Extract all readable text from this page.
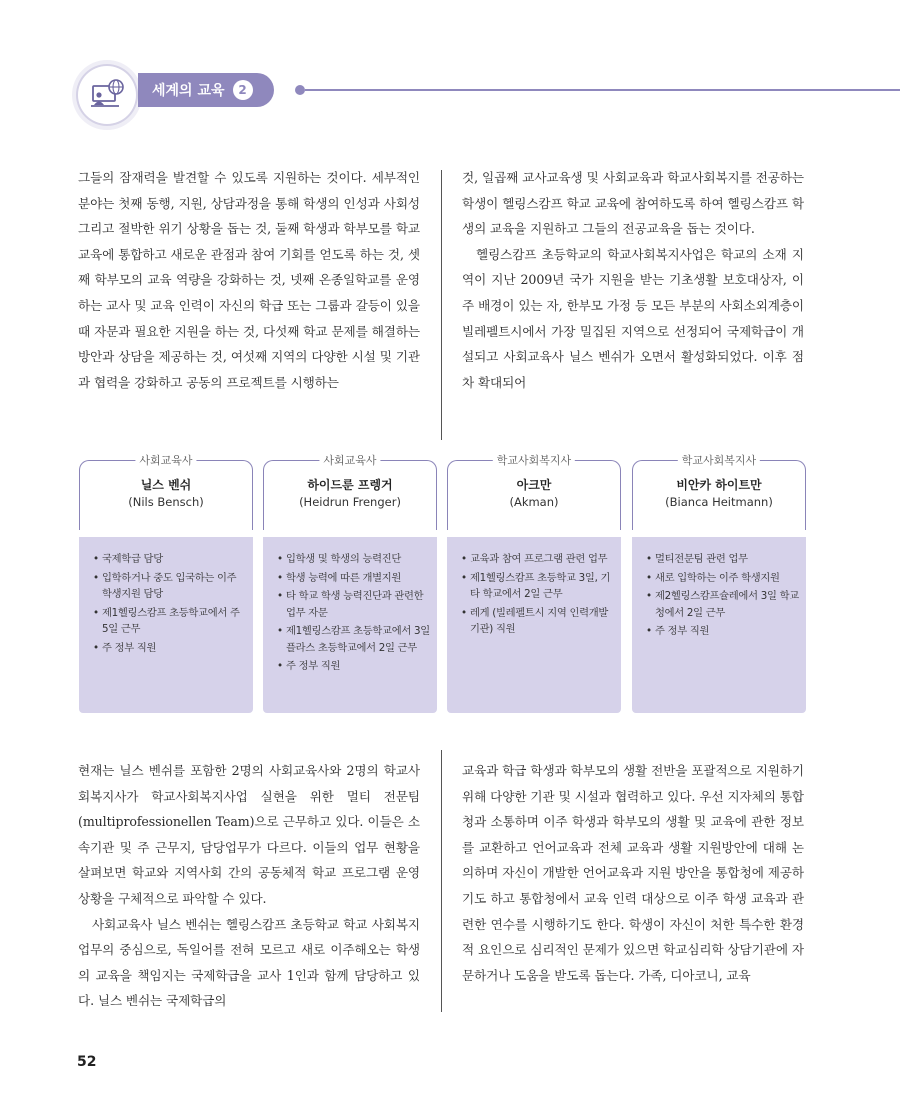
세계의 교육	2

그들의 잠재력을 발견할 수 있도록 지원하는 것이다. 세부적인 분야는 첫째 동행, 지원, 상담과정을 통해 학생의 인성과 사회성 그리고 절박한 위기 상황을 돕는 것, 둘째 학생과 학부모를 학교 교육에 통합하고 새로운 관점과 참여 기회를 얻도록 하는 것, 셋째 학부모의 교육 역량을 강화하는 것, 넷째 온종일학교를 운영하는 교사 및 교육 인력이 자신의 학급 또는 그룹과 갈등이 있을 때 자문과 필요한 지원을 하는 것, 다섯째 학교 문제를 해결하는 방안과 상담을 제공하는 것, 여섯째 지역의 다양한 시설 및 기관과 협력을 강화하고 공동의 프로젝트를 시행하는

것, 일곱째 교사교육생 및 사회교육과 학교사회복지를 전공하는 학생이 헬링스캄프 학교 교육에 참여하도록 하여 헬링스캄프 학생의 교육을 지원하고 그들의 전공교육을 돕는 것이다.

헬링스캄프 초등학교의 학교사회복지사업은 학교의 소재 지역이 지난 2009년 국가 지원을 받는 기초생활 보호대상자, 이주 배경이 있는 자, 한부모 가정 등 모든 부분의 사회소외계층이 빌레펠트시에서 가장 밀집된 지역으로 선정되어 국제학급이 개설되고 사회교육사 닐스 벤쉬가 오면서 활성화되었다. 이후 점차 확대되어

사회교육사
닐스 벤쉬
(Nils Bensch)
• 국제학급 담당
• 입학하거나 중도 입국하는 이주 학생지원 담당
• 제1헬링스캄프 초등학교에서 주 5일 근무
• 주 정부 직원
사회교육사
하이드룬 프렝거
(Heidrun Frenger)
• 입학생 및 학생의 능력진단
• 학생 능력에 따른 개별지원
• 타 학교 학생 능력진단과 관련한 업무 자문
• 제1헬링스캄프 초등학교에서 3일 플라스 초등학교에서 2일 근무
• 주 정부 직원
학교사회복지사
아크만
(Akman)
• 교육과 참여 프로그램 관련 업무
• 제1헬링스캄프 초등학교 3일, 기타 학교에서 2일 근무
• 레게 (빌레펠트시 지역 인력개발 기관) 직원
학교사회복지사
비안카 하이트만
(Bianca Heitmann)
• 멀티전문팀 관련 업무
• 새로 입학하는 이주 학생지원
• 제2헬링스캄프슐레에서 3일 학교청에서 2일 근무
• 주 정부 직원

현재는 닐스 벤쉬를 포함한 2명의 사회교육사와 2명의 학교사회복지사가 학교사회복지사업 실현을 위한 멀티 전문팀(multiprofessionellen Team)으로 근무하고 있다. 이들은 소속기관 및 주 근무지, 담당업무가 다르다. 이들의 업무 현황을 살펴보면 학교와 지역사회 간의 공동체적 학교 프로그램 운영 상황을 구체적으로 파악할 수 있다.

사회교육사 닐스 벤쉬는 헬링스캄프 초등학교 학교 사회복지 업무의 중심으로, 독일어를 전혀 모르고 새로 이주해오는 학생의 교육을 책임지는 국제학급을 교사 1인과 함께 담당하고 있다. 닐스 벤쉬는 국제학급의

교육과 학급 학생과 학부모의 생활 전반을 포괄적으로 지원하기 위해 다양한 기관 및 시설과 협력하고 있다. 우선 지자체의 통합청과 소통하며 이주 학생과 학부모의 생활 및 교육에 관한 정보를 교환하고 언어교육과 전체 교육과 생활 지원방안에 대해 논의하며 자신이 개발한 언어교육과 지원 방안을 통합청에 제공하기도 하고 통합청에서 교육 인력 대상으로 이주 학생 교육과 관련한 연수를 시행하기도 한다. 학생이 자신이 처한 특수한 환경적 요인으로 심리적인 문제가 있으면 학교심리학 상담기관에 자문하거나 도움을 받도록 돕는다. 가족, 디아코니, 교육

52
